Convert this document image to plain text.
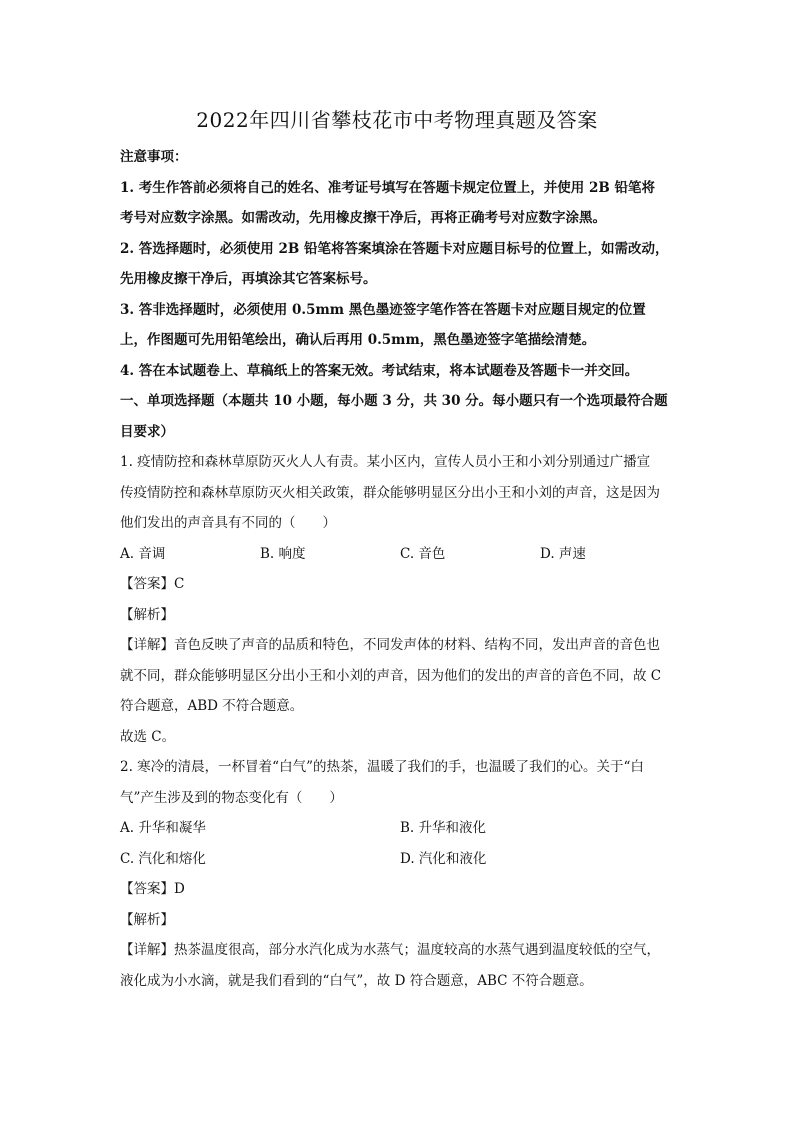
2022年四川省攀枝花市中考物理真题及答案
注意事项：
1. 考生作答前必须将自己的姓名、准考证号填写在答题卡规定位置上，并使用 2B 铅笔将
考号对应数字涂黑。如需改动，先用橡皮擦干净后，再将正确考号对应数字涂黑。
2. 答选择题时，必须使用 2B 铅笔将答案填涂在答题卡对应题目标号的位置上，如需改动，
先用橡皮擦干净后，再填涂其它答案标号。
3. 答非选择题时，必须使用 0.5mm 黑色墨迹签字笔作答在答题卡对应题目规定的位置
上，作图题可先用铅笔绘出，确认后再用 0.5mm，黑色墨迹签字笔描绘清楚。
4. 答在本试题卷上、草稿纸上的答案无效。考试结束，将本试题卷及答题卡一并交回。
一、单项选择题（本题共 10 小题，每小题 3 分，共 30 分。每小题只有一个选项最符合题
目要求）
1. 疫情防控和森林草原防灭火人人有责。某小区内，宣传人员小王和小刘分别通过广播宣
传疫情防控和森林草原防灭火相关政策，群众能够明显区分出小王和小刘的声音，这是因为
他们发出的声音具有不同的（　　）
A. 音调	B. 响度	C. 音色	D. 声速
【答案】C
【解析】
【详解】音色反映了声音的品质和特色，不同发声体的材料、结构不同，发出声音的音色也
就不同，群众能够明显区分出小王和小刘的声音，因为他们的发出的声音的音色不同，故 C
符合题意，ABD 不符合题意。
故选 C。
2. 寒冷的清晨，一杯冒着“白气”的热茶，温暖了我们的手，也温暖了我们的心。关于“白
气”产生涉及到的物态变化有（　　）
A. 升华和凝华	B. 升华和液化
C. 汽化和熔化	D. 汽化和液化
【答案】D
【解析】
【详解】热茶温度很高，部分水汽化成为水蒸气；温度较高的水蒸气遇到温度较低的空气，
液化成为小水滴，就是我们看到的“白气”，故 D 符合题意，ABC 不符合题意。
